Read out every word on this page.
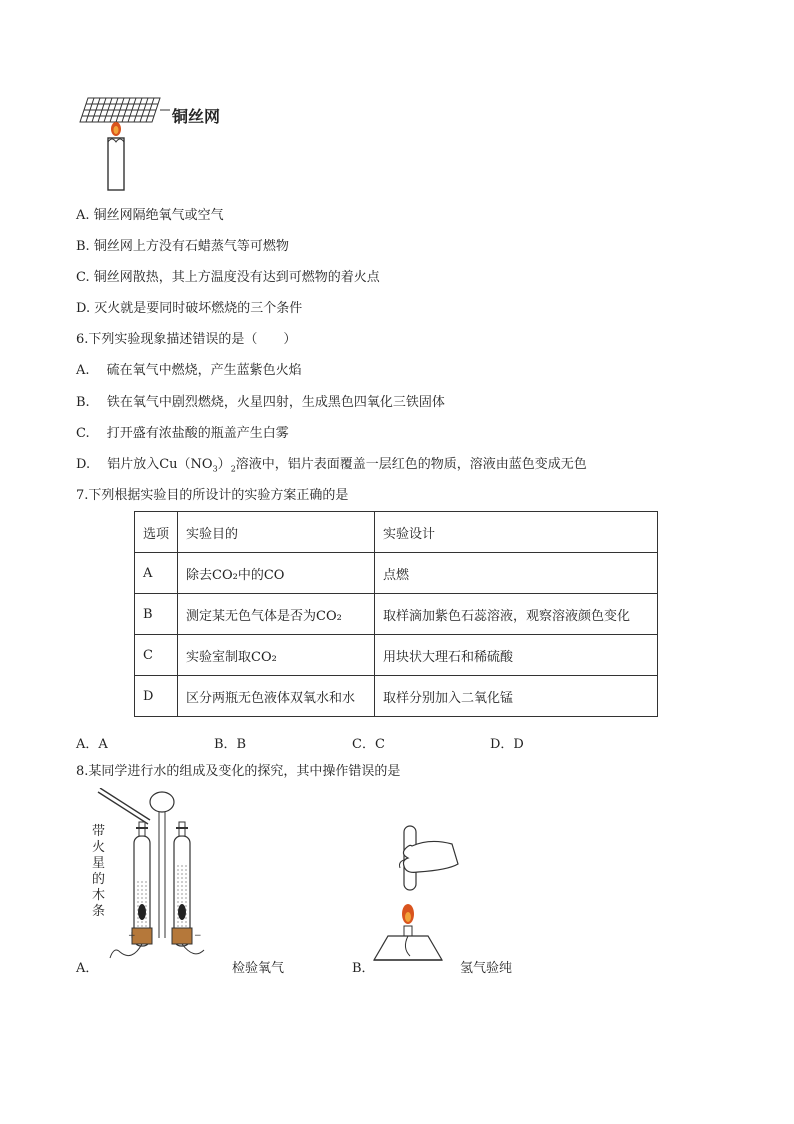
铜丝网
A. 铜丝网隔绝氧气或空气
B. 铜丝网上方没有石蜡蒸气等可燃物
C. 铜丝网散热，其上方温度没有达到可燃物的着火点
D. 灭火就是要同时破坏燃烧的三个条件
6.下列实验现象描述错误的是（　　）
A.　 硫在氧气中燃烧，产生蓝紫色火焰
B.　 铁在氧气中剧烈燃烧，火星四射，生成黑色四氧化三铁固体
C.　 打开盛有浓盐酸的瓶盖产生白雾
D.　 铝片放入$Cu(NO_3)_2$溶液中，铝片表面覆盖一层红色的物质，溶液由蓝色变成无色
7.下列根据实验目的所设计的实验方案正确的是
选项	实验目的	实验设计
A	除去CO₂中的CO	点燃
B	测定某无色气体是否为CO₂	取样滴加紫色石蕊溶液，观察溶液颜色变化
C	实验室制取CO₂	用块状大理石和稀硫酸
D	区分两瓶无色液体双氧水和水	取样分别加入二氧化锰
A．A	B．B	C．C	D．D
8.某同学进行水的组成及变化的探究，其中操作错误的是
+	−
带
火
星
的
木
条
A．	检验氧气	B．	氢气验纯
